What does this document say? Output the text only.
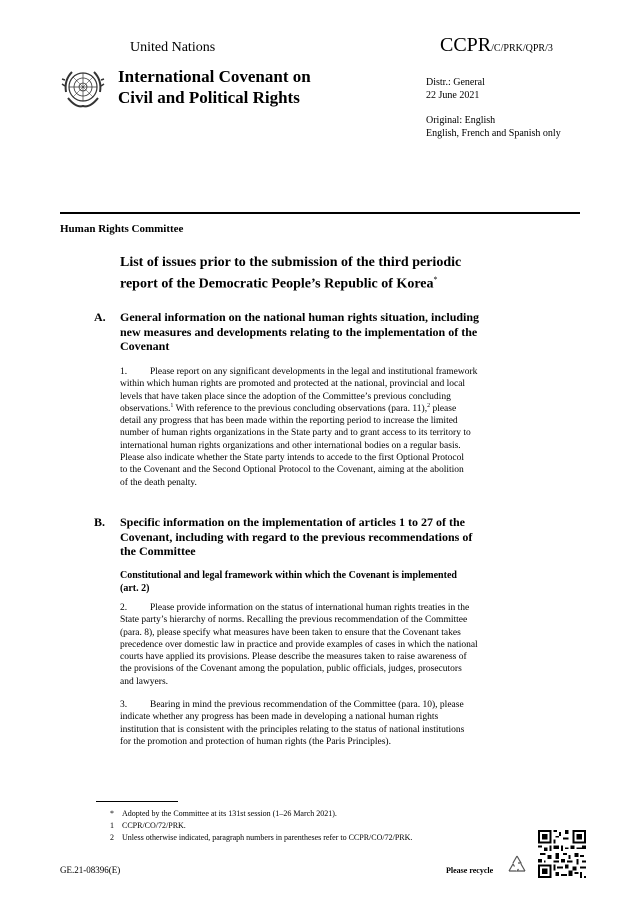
United Nations	CCPR/C/PRK/QPR/3
International Covenant on
Civil and Political Rights
Distr.: General
22 June 2021
Original: English
English, French and Spanish only
Human Rights Committee
List of issues prior to the submission of the third periodic
report of the Democratic People’s Republic of Korea*
A. General information on the national human rights situation, including
new measures and developments relating to the implementation of the
Covenant
1. Please report on any significant developments in the legal and institutional framework
within which human rights are promoted and protected at the national, provincial and local
levels that have taken place since the adoption of the Committee’s previous concluding
observations.$^1$ With reference to the previous concluding observations (para. 11),$^2$ please
detail any progress that has been made within the reporting period to increase the limited
number of human rights organizations in the State party and to grant access to its territory to
international human rights organizations and other international bodies on a regular basis.
Please also indicate whether the State party intends to accede to the first Optional Protocol
to the Covenant and the Second Optional Protocol to the Covenant, aiming at the abolition
of the death penalty.
B. Specific information on the implementation of articles 1 to 27 of the
Covenant, including with regard to the previous recommendations of
the Committee
Constitutional and legal framework within which the Covenant is implemented
(art. 2)
2. Please provide information on the status of international human rights treaties in the
State party’s hierarchy of norms. Recalling the previous recommendation of the Committee
(para. 8), please specify what measures have been taken to ensure that the Covenant takes
precedence over domestic law in practice and provide examples of cases in which the national
courts have applied its provisions. Please describe the measures taken to raise awareness of
the provisions of the Covenant among the population, public officials, judges, prosecutors
and lawyers.
3. Bearing in mind the previous recommendation of the Committee (para. 10), please
indicate whether any progress has been made in developing a national human rights
institution that is consistent with the principles relating to the status of national institutions
for the promotion and protection of human rights (the Paris Principles).
* Adopted by the Committee at its 131st session (1–26 March 2021).
1 CCPR/CO/72/PRK.
2 Unless otherwise indicated, paragraph numbers in parentheses refer to CCPR/CO/72/PRK.
GE.21-08396(E)	Please recycle
